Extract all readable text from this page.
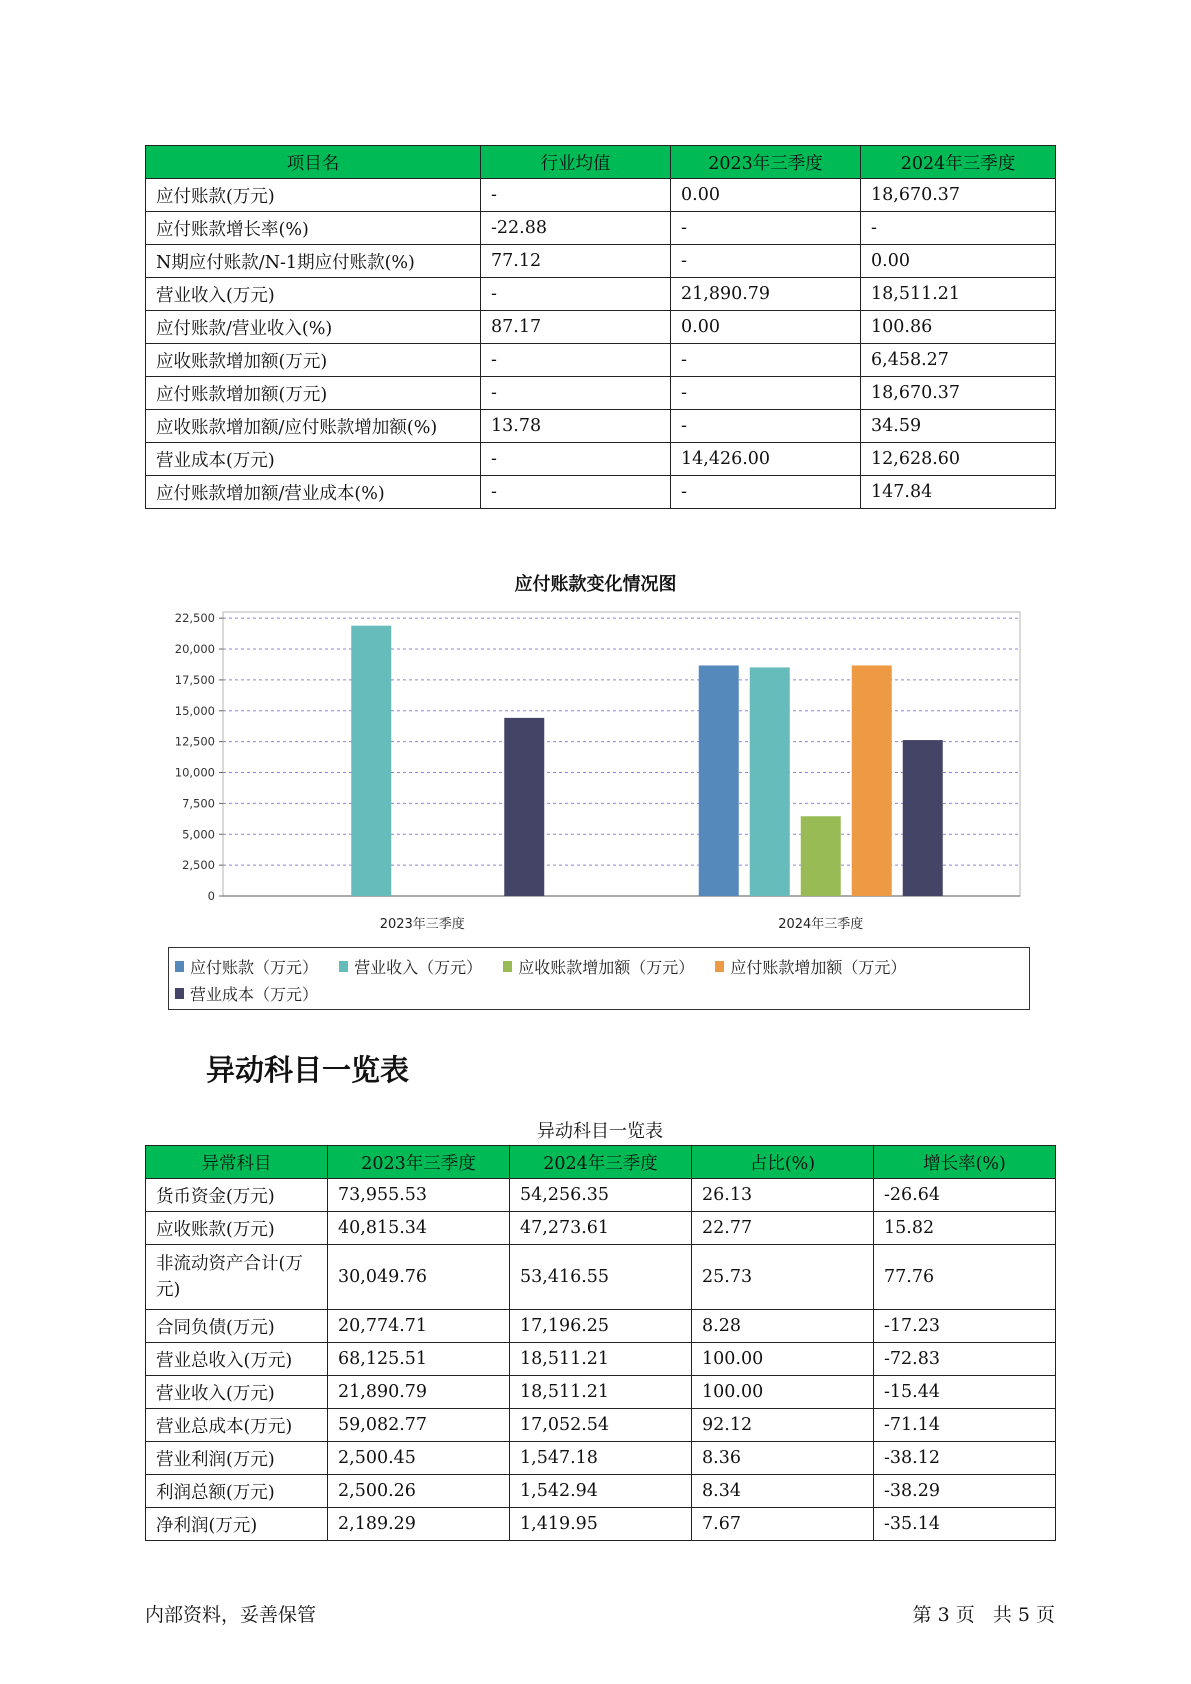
项目名	行业均值	2023年三季度	2024年三季度
应付账款(万元)	-	0.00	18,670.37
应付账款增长率(%)	-22.88	-	-
N期应付账款/N-1期应付账款(%)	77.12	-	0.00
营业收入(万元)	-	21,890.79	18,511.21
应付账款/营业收入(%)	87.17	0.00	100.86
应收账款增加额(万元)	-	-	6,458.27
应付账款增加额(万元)	-	-	18,670.37
应收账款增加额/应付账款增加额(%)	13.78	-	34.59
营业成本(万元)	-	14,426.00	12,628.60
应付账款增加额/营业成本(%)	-	-	147.84
应付账款变化情况图
0
2,500
5,000
7,500
10,000
12,500
15,000
17,500
20,000
22,500
2023年三季度	2024年三季度
应付账款（万元）
营业收入（万元）
应收账款增加额（万元）
应付账款增加额（万元）

营业成本（万元）
异动科目一览表
异动科目一览表
异常科目	2023年三季度	2024年三季度	占比(%)	增长率(%)
货币资金(万元)	73,955.53	54,256.35	26.13	-26.64
应收账款(万元)	40,815.34	47,273.61	22.77	15.82
非流动资产合计(万元)	30,049.76	53,416.55	25.73	77.76
合同负债(万元)	20,774.71	17,196.25	8.28	-17.23
营业总收入(万元)	68,125.51	18,511.21	100.00	-72.83
营业收入(万元)	21,890.79	18,511.21	100.00	-15.44
营业总成本(万元)	59,082.77	17,052.54	92.12	-71.14
营业利润(万元)	2,500.45	1,547.18	8.36	-38.12
利润总额(万元)	2,500.26	1,542.94	8.34	-38.29
净利润(万元)	2,189.29	1,419.95	7.67	-35.14
内部资料，妥善保管	第 3 页   共 5 页
